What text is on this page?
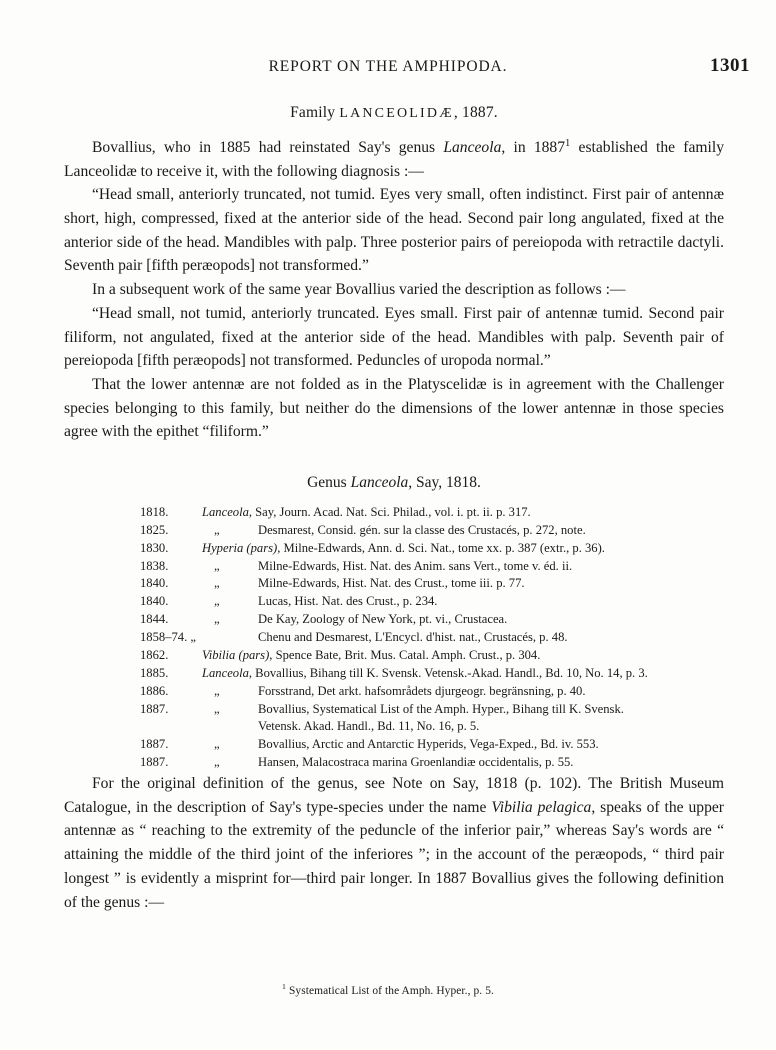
REPORT ON THE AMPHIPODA.	1301
Family LANCEOLIDÆ, 1887.

Bovallius, who in 1885 had reinstated Say's genus Lanceola, in 1887$^1$ established the family Lanceolidæ to receive it, with the following diagnosis :—

“Head small, anteriorly truncated, not tumid. Eyes very small, often indistinct. First pair of antennæ short, high, compressed, fixed at the anterior side of the head. Second pair long angulated, fixed at the anterior side of the head. Mandibles with palp. Three posterior pairs of pereiopoda with retractile dactyli. Seventh pair [fifth peræopods] not transformed.”

In a subsequent work of the same year Bovallius varied the description as follows :—

“Head small, not tumid, anteriorly truncated. Eyes small. First pair of antennæ tumid. Second pair filiform, not angulated, fixed at the anterior side of the head. Mandibles with palp. Seventh pair of pereiopoda [fifth peræopods] not transformed. Peduncles of uropoda normal.”

That the lower antennæ are not folded as in the Platyscelidæ is in agreement with the Challenger species belonging to this family, but neither do the dimensions of the lower antennæ in those species agree with the epithet “filiform.”

Genus Lanceola, Say, 1818.
1818.	Lanceola, Say, Journ. Acad. Nat. Sci. Philad., vol. i. pt. ii. p. 317.
1825.	„	Desmarest, Consid. gén. sur la classe des Crustacés, p. 272, note.
1830.	Hyperia (pars), Milne-Edwards, Ann. d. Sci. Nat., tome xx. p. 387 (extr., p. 36).
1838.	„	Milne-Edwards, Hist. Nat. des Anim. sans Vert., tome v. éd. ii.
1840.	„	Milne-Edwards, Hist. Nat. des Crust., tome iii. p. 77.
1840.	„	Lucas, Hist. Nat. des Crust., p. 234.
1844.	„	De Kay, Zoology of New York, pt. vi., Crustacea.
1858–74. „	Chenu and Desmarest, L'Encycl. d'hist. nat., Crustacés, p. 48.
1862.	Vibilia (pars), Spence Bate, Brit. Mus. Catal. Amph. Crust., p. 304.
1885.	Lanceola, Bovallius, Bihang till K. Svensk. Vetensk.-Akad. Handl., Bd. 10, No. 14, p. 3.
1886.	„	Forsstrand, Det arkt. hafsområdets djurgeogr. begränsning, p. 40.
1887.	„	Bovallius, Systematical List of the Amph. Hyper., Bihang till K. Svensk.
Vetensk. Akad. Handl., Bd. 11, No. 16, p. 5.
1887.	„	Bovallius, Arctic and Antarctic Hyperids, Vega-Exped., Bd. iv. 553.
1887.	„	Hansen, Malacostraca marina Groenlandiæ occidentalis, p. 55.

For the original definition of the genus, see Note on Say, 1818 (p. 102). The British Museum Catalogue, in the description of Say's type-species under the name Vibilia pelagica, speaks of the upper antennæ as “ reaching to the extremity of the peduncle of the inferior pair,” whereas Say's words are “ attaining the middle of the third joint of the inferiores ”; in the account of the peræopods, “ third pair longest ” is evidently a misprint for—third pair longer. In 1887 Bovallius gives the following definition of the genus :—

$^1$ Systematical List of the Amph. Hyper., p. 5.
